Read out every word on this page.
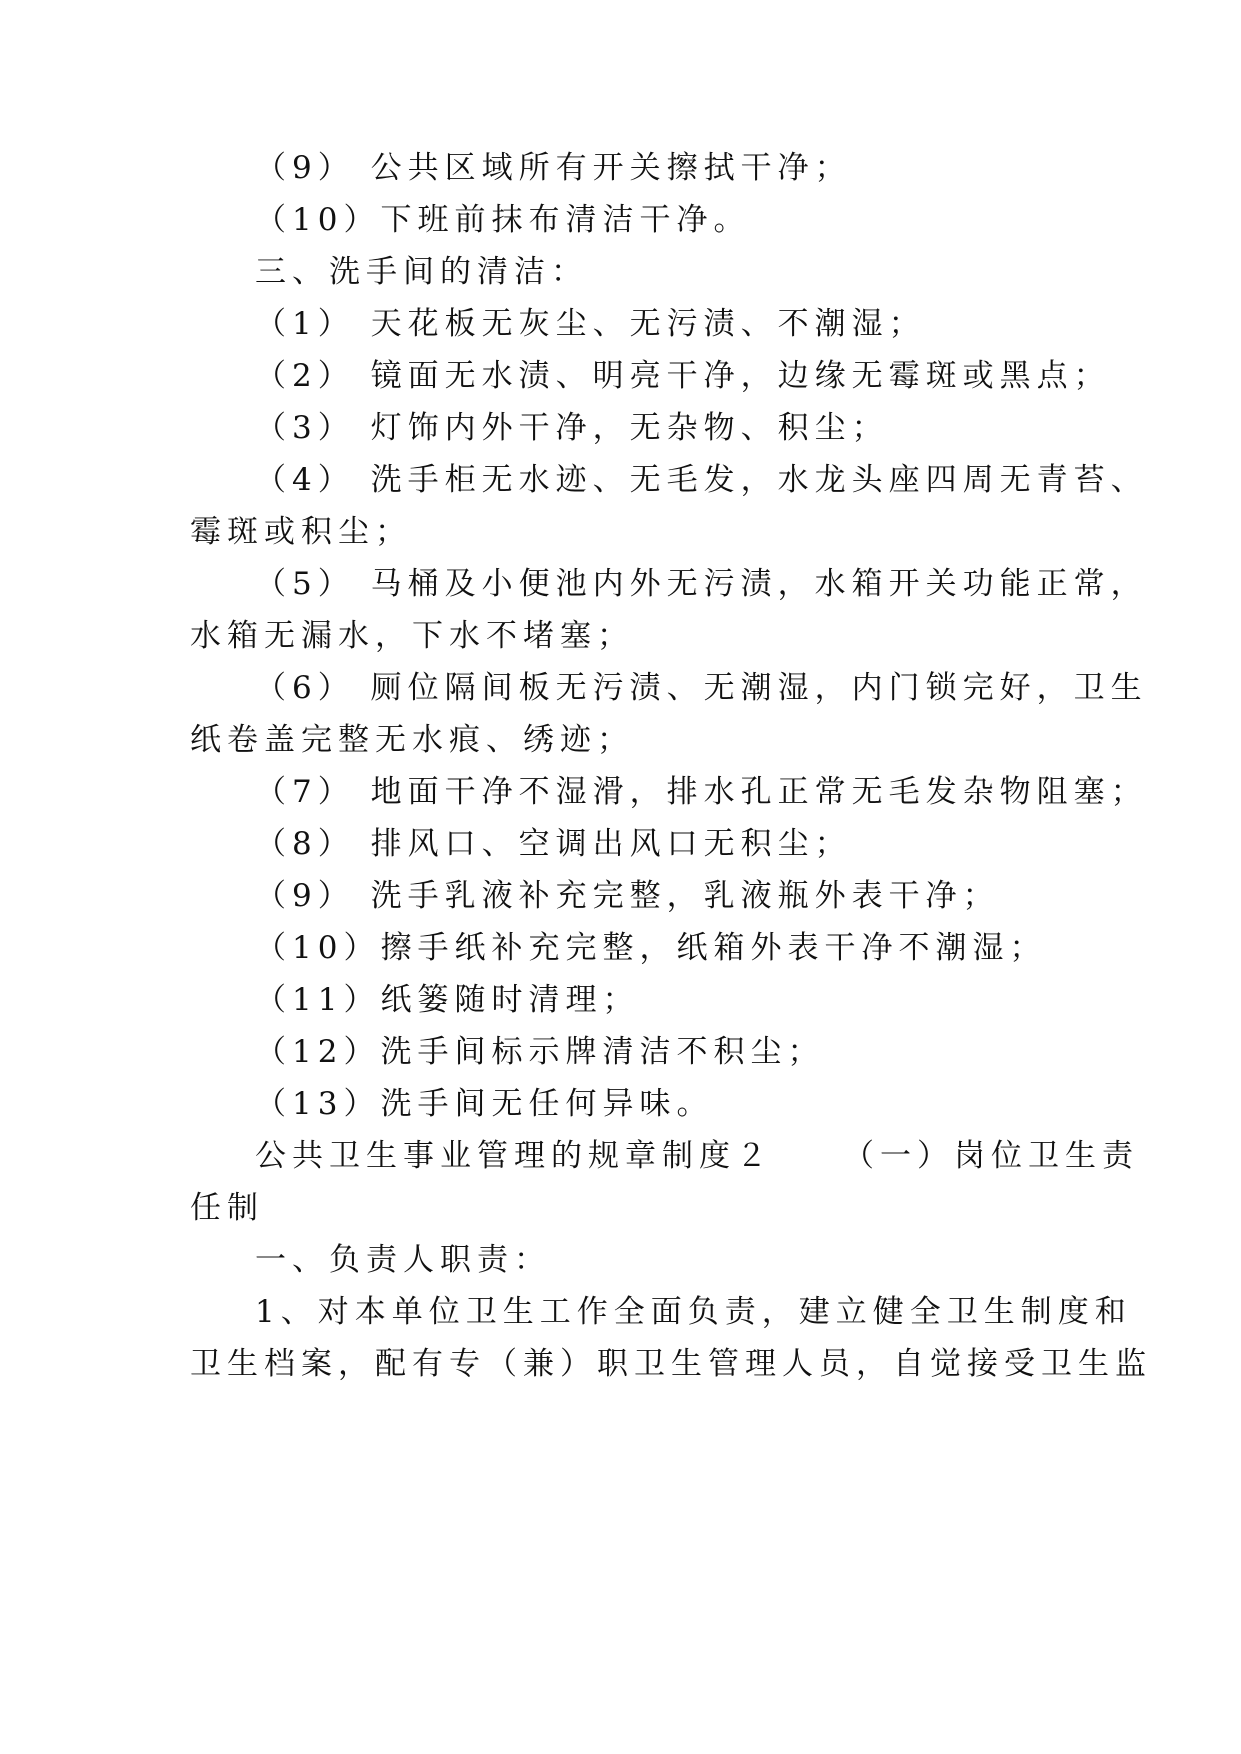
（9） 公共区域所有开关擦拭干净；
（10）下班前抹布清洁干净。
三、洗手间的清洁：
（1） 天花板无灰尘、无污渍、不潮湿；
（2） 镜面无水渍、明亮干净，边缘无霉斑或黑点；
（3） 灯饰内外干净，无杂物、积尘；
（4） 洗手柜无水迹、无毛发，水龙头座四周无青苔、
霉斑或积尘；
（5） 马桶及小便池内外无污渍，水箱开关功能正常，
水箱无漏水，下水不堵塞；
（6） 厕位隔间板无污渍、无潮湿，内门锁完好，卫生
纸卷盖完整无水痕、绣迹；
（7） 地面干净不湿滑，排水孔正常无毛发杂物阻塞；
（8） 排风口、空调出风口无积尘；
（9） 洗手乳液补充完整，乳液瓶外表干净；
（10）擦手纸补充完整，纸箱外表干净不潮湿；
（11）纸篓随时清理；
（12）洗手间标示牌清洁不积尘；
（13）洗手间无任何异味。
公共卫生事业管理的规章制度２ （一）岗位卫生责
任制
一、负责人职责：
1、对本单位卫生工作全面负责，建立健全卫生制度和
卫生档案，配有专（兼）职卫生管理人员，自觉接受卫生监
